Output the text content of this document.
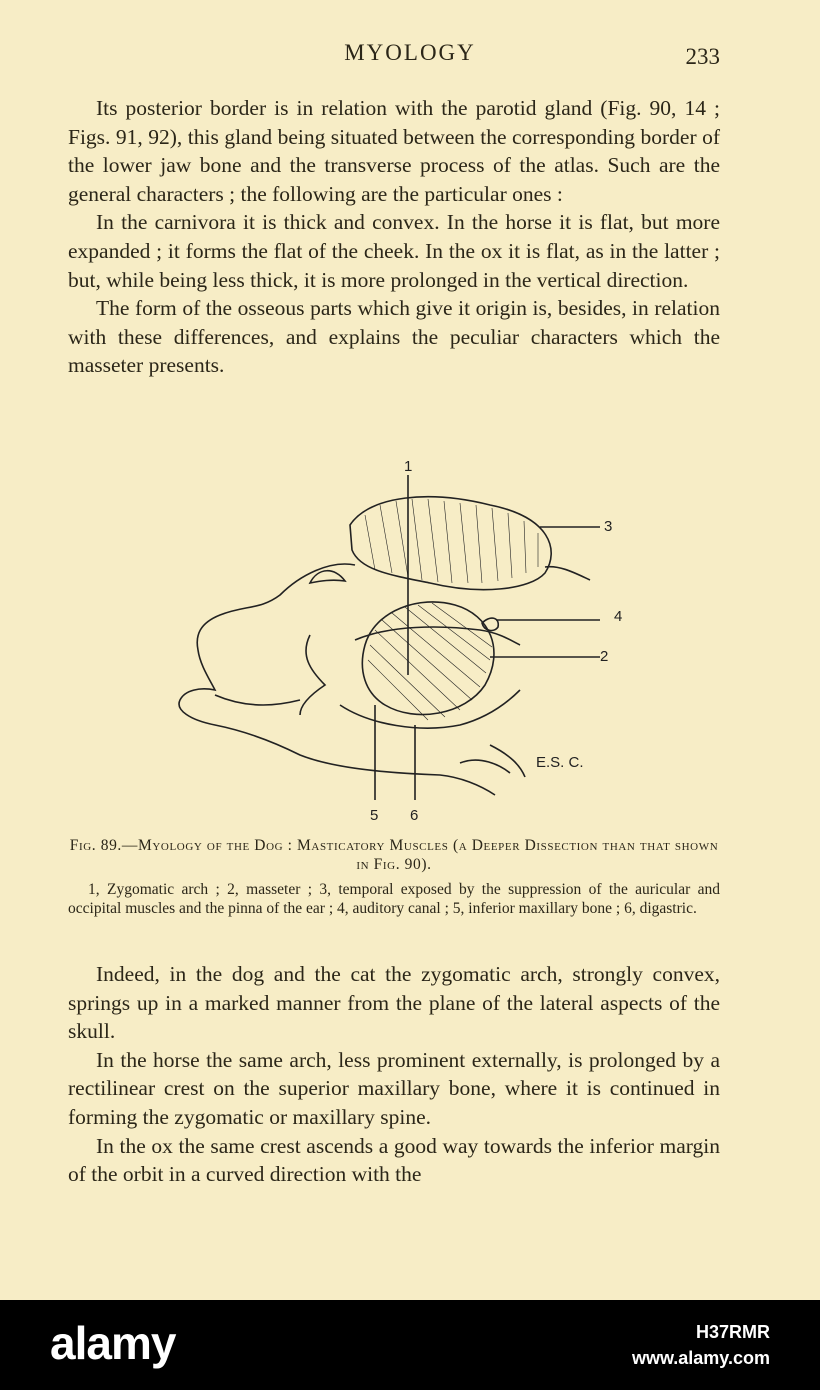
MYOLOGY	233

Its posterior border is in relation with the parotid gland (Fig. 90, 14 ; Figs. 91, 92), this gland being situated between the corresponding border of the lower jaw bone and the transverse process of the atlas. Such are the general characters ; the following are the particular ones :

In the carnivora it is thick and convex. In the horse it is flat, but more expanded ; it forms the flat of the cheek. In the ox it is flat, as in the latter ; but, while being less thick, it is more prolonged in the vertical direction.

The form of the osseous parts which give it origin is, besides, in relation with these differences, and explains the peculiar characters which the masseter presents.

1
3
4
2
5 6
E.S. C.
Fig. 89.—Myology of the Dog : Masticatory Muscles (a Deeper Dissection than that shown in Fig. 90).

1, Zygomatic arch ; 2, masseter ; 3, temporal exposed by the suppression of the auricular and occipital muscles and the pinna of the ear ; 4, auditory canal ; 5, inferior maxillary bone ; 6, digastric.

Indeed, in the dog and the cat the zygomatic arch, strongly convex, springs up in a marked manner from the plane of the lateral aspects of the skull.

In the horse the same arch, less prominent externally, is prolonged by a rectilinear crest on the superior maxillary bone, where it is continued in forming the zygomatic or maxillary spine.

In the ox the same crest ascends a good way towards the inferior margin of the orbit in a curved direction with the

alamy	H37RMR
www.alamy.com
